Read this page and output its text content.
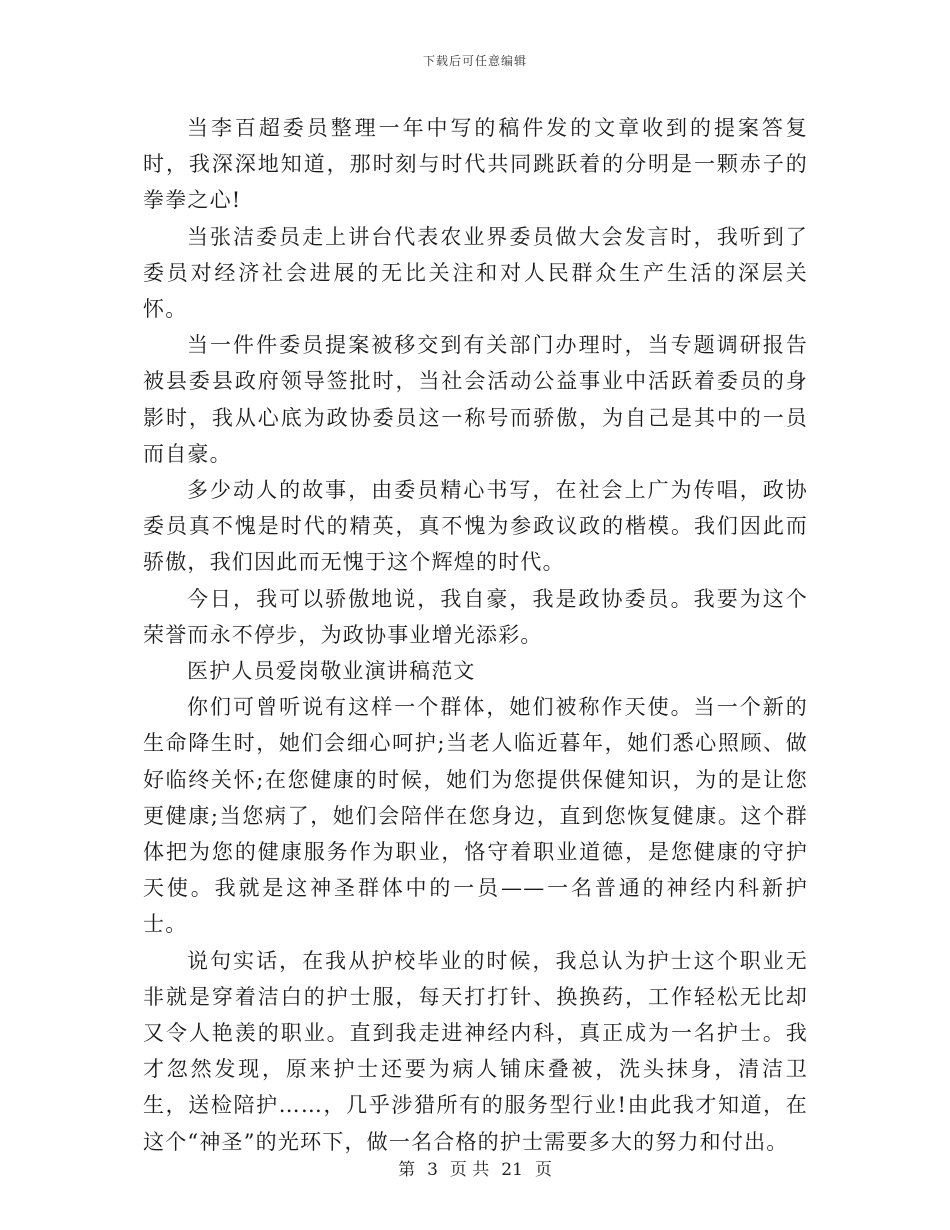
下载后可任意编辑

当李百超委员整理一年中写的稿件发的文章收到的提案答复时，我深深地知道，那时刻与时代共同跳跃着的分明是一颗赤子的拳拳之心!

当张洁委员走上讲台代表农业界委员做大会发言时，我听到了委员对经济社会进展的无比关注和对人民群众生产生活的深层关怀。

当一件件委员提案被移交到有关部门办理时，当专题调研报告被县委县政府领导签批时，当社会活动公益事业中活跃着委员的身影时，我从心底为政协委员这一称号而骄傲，为自己是其中的一员而自豪。

多少动人的故事，由委员精心书写，在社会上广为传唱，政协委员真不愧是时代的精英，真不愧为参政议政的楷模。我们因此而骄傲，我们因此而无愧于这个辉煌的时代。

今日，我可以骄傲地说，我自豪，我是政协委员。我要为这个荣誉而永不停步，为政协事业增光添彩。

医护人员爱岗敬业演讲稿范文

你们可曾听说有这样一个群体，她们被称作天使。当一个新的生命降生时，她们会细心呵护;当老人临近暮年，她们悉心照顾、做好临终关怀;在您健康的时候，她们为您提供保健知识，为的是让您更健康;当您病了，她们会陪伴在您身边，直到您恢复健康。这个群体把为您的健康服务作为职业，恪守着职业道德，是您健康的守护天使。我就是这神圣群体中的一员——一名普通的神经内科新护士。

说句实话，在我从护校毕业的时候，我总认为护士这个职业无非就是穿着洁白的护士服，每天打打针、换换药，工作轻松无比却又令人艳羡的职业。直到我走进神经内科，真正成为一名护士。我才忽然发现，原来护士还要为病人铺床叠被，洗头抹身，清洁卫生，送检陪护……，几乎涉猎所有的服务型行业!由此我才知道，在这个“神圣”的光环下，做一名合格的护士需要多大的努力和付出。

第 3 页 共 21 页
